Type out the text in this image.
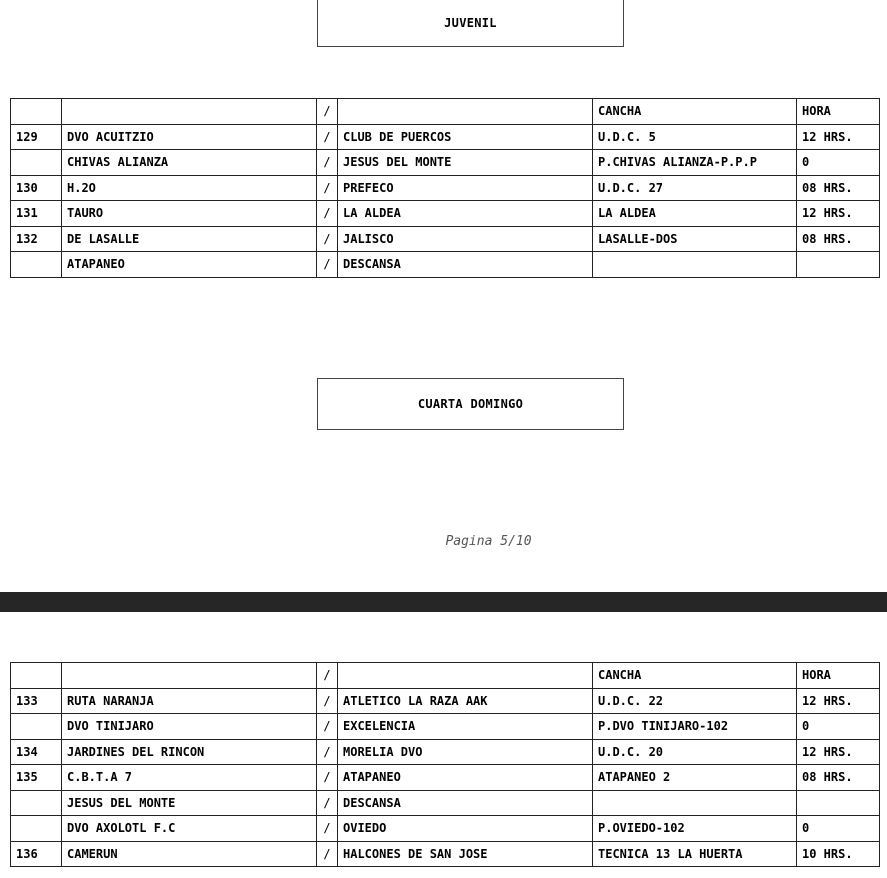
JUVENIL
		/		CANCHA	HORA
129	DVO ACUITZIO	/	CLUB DE PUERCOS	U.D.C. 5	12 HRS.
	CHIVAS ALIANZA	/	JESUS DEL MONTE	P.CHIVAS ALIANZA-P.P.P	0
130	H.2O	/	PREFECO	U.D.C. 27	08 HRS.
131	TAURO	/	LA ALDEA	LA ALDEA	12 HRS.
132	DE LASALLE	/	JALISCO	LASALLE-DOS	08 HRS.
	ATAPANEO	/	DESCANSA		
CUARTA DOMINGO
Pagina 5/10
		/		CANCHA	HORA
133	RUTA NARANJA	/	ATLETICO LA RAZA AAK	U.D.C. 22	12 HRS.
	DVO TINIJARO	/	EXCELENCIA	P.DVO TINIJARO-102	0
134	JARDINES DEL RINCON	/	MORELIA DVO	U.D.C. 20	12 HRS.
135	C.B.T.A 7	/	ATAPANEO	ATAPANEO 2	08 HRS.
	JESUS DEL MONTE	/	DESCANSA		
	DVO AXOLOTL F.C	/	OVIEDO	P.OVIEDO-102	0
136	CAMERUN	/	HALCONES DE SAN JOSE	TECNICA 13 LA HUERTA	10 HRS.
